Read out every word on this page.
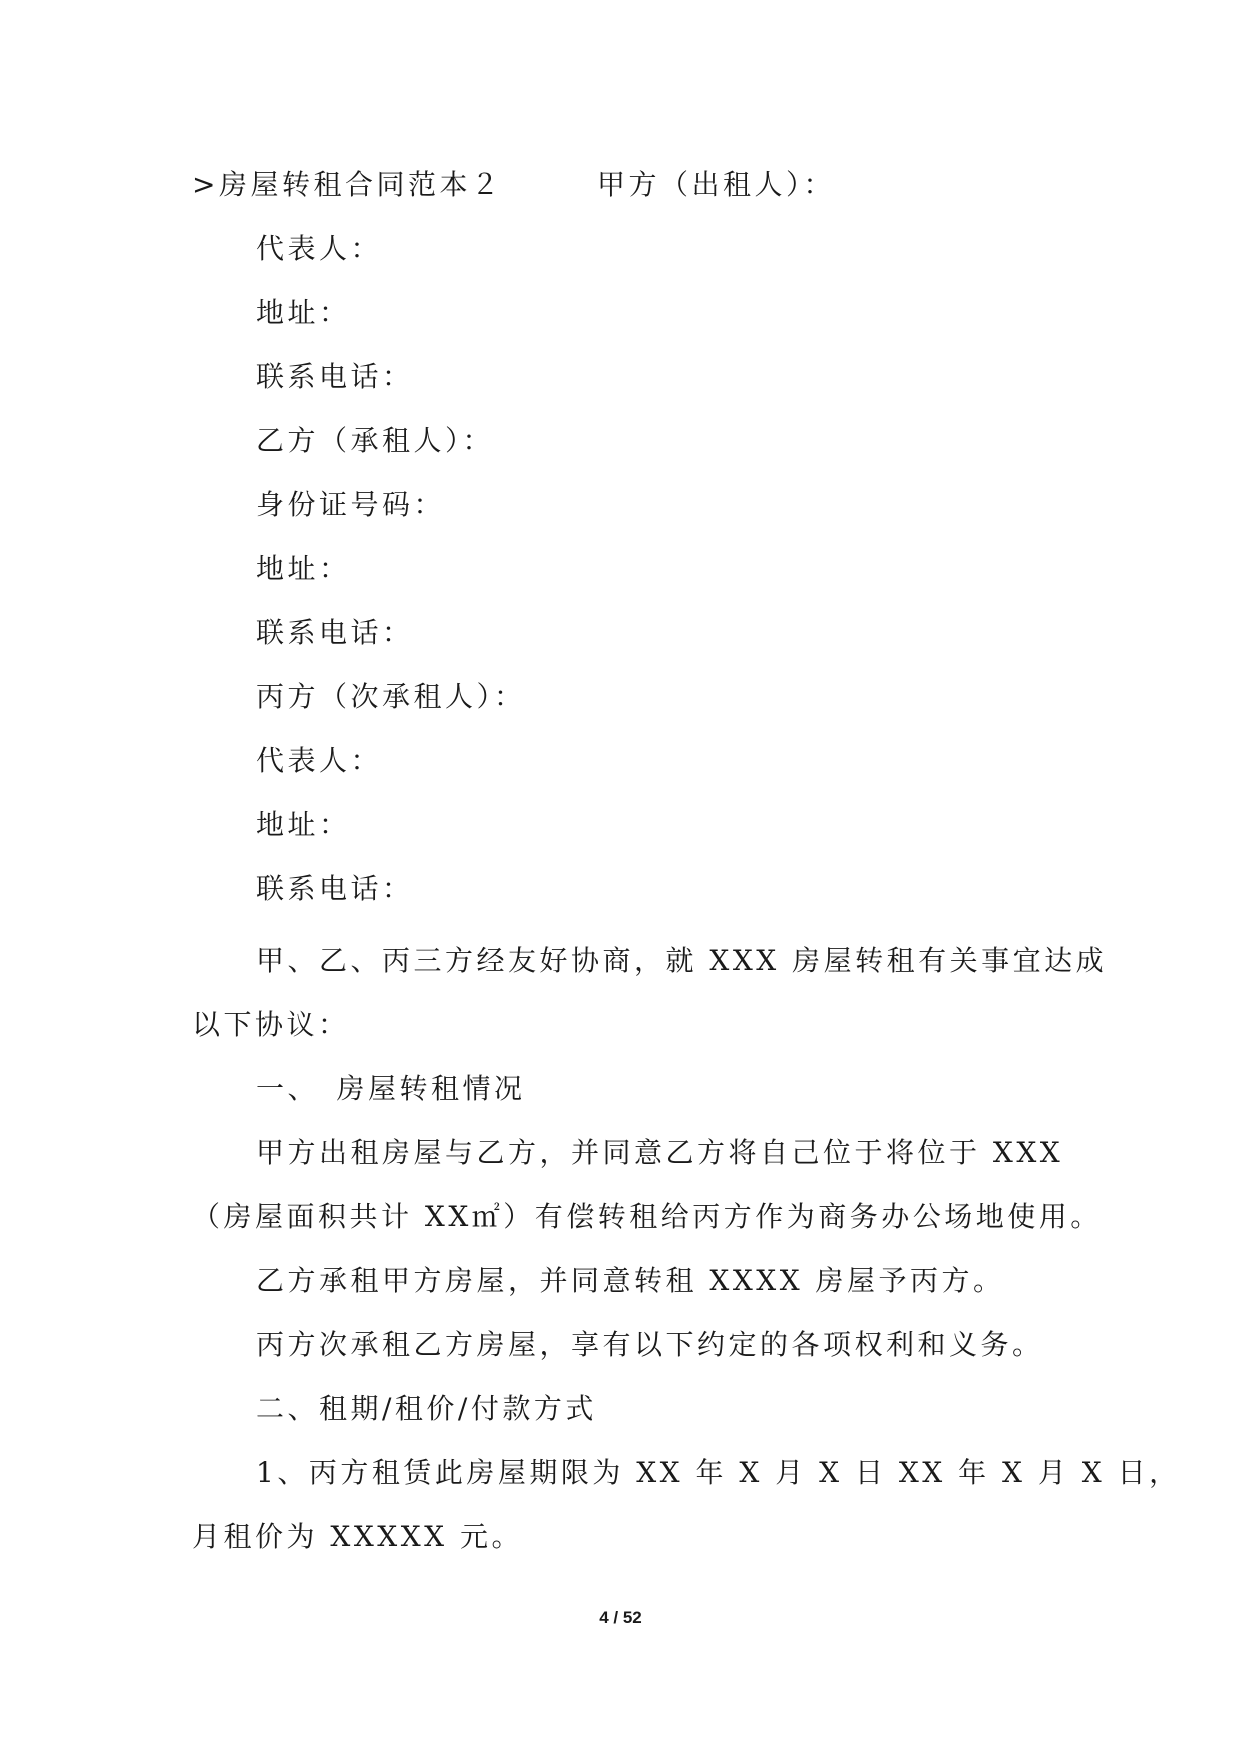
>房屋转租合同范本２　　　甲方（出租人）：
代表人：
地址：
联系电话：
乙方（承租人）：
身份证号码：
地址：
联系电话：
丙方（次承租人）：
代表人：
地址：
联系电话：
甲、乙、丙三方经友好协商，就 XXX 房屋转租有关事宜达成
以下协议：
一、　房屋转租情况
甲方出租房屋与乙方，并同意乙方将自己位于将位于 XXX
（房屋面积共计 XX㎡）有偿转租给丙方作为商务办公场地使用。
乙方承租甲方房屋，并同意转租 XXXX 房屋予丙方。
丙方次承租乙方房屋，享有以下约定的各项权利和义务。
二、租期/租价/付款方式
1、丙方租赁此房屋期限为 XX 年 X 月 X 日 XX 年 X 月 X 日，
月租价为 XXXXX 元。
4 / 52
